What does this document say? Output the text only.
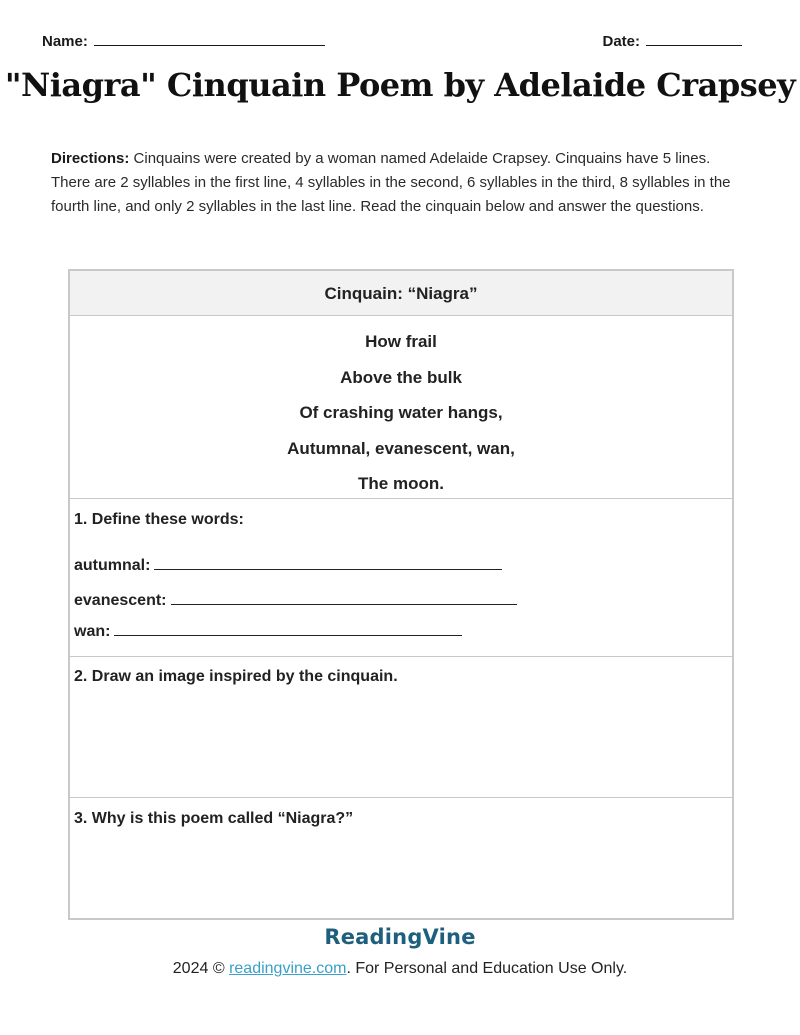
Name:	Date:
"Niagra" Cinquain Poem by Adelaide Crapsey
Directions: Cinquains were created by a woman named Adelaide Crapsey. Cinquains have 5 lines. There are 2 syllables in the first line, 4 syllables in the second, 6 syllables in the third, 8 syllables in the fourth line, and only 2 syllables in the last line. Read the cinquain below and answer the questions.
Cinquain: “Niagra”
How frail
Above the bulk
Of crashing water hangs,
Autumnal, evanescent, wan,
The moon.
1. Define these words:
autumnal:
evanescent:
wan:
2. Draw an image inspired by the cinquain.
3. Why is this poem called “Niagra?”
ReadingVine
2024 © readingvine.com. For Personal and Education Use Only.
